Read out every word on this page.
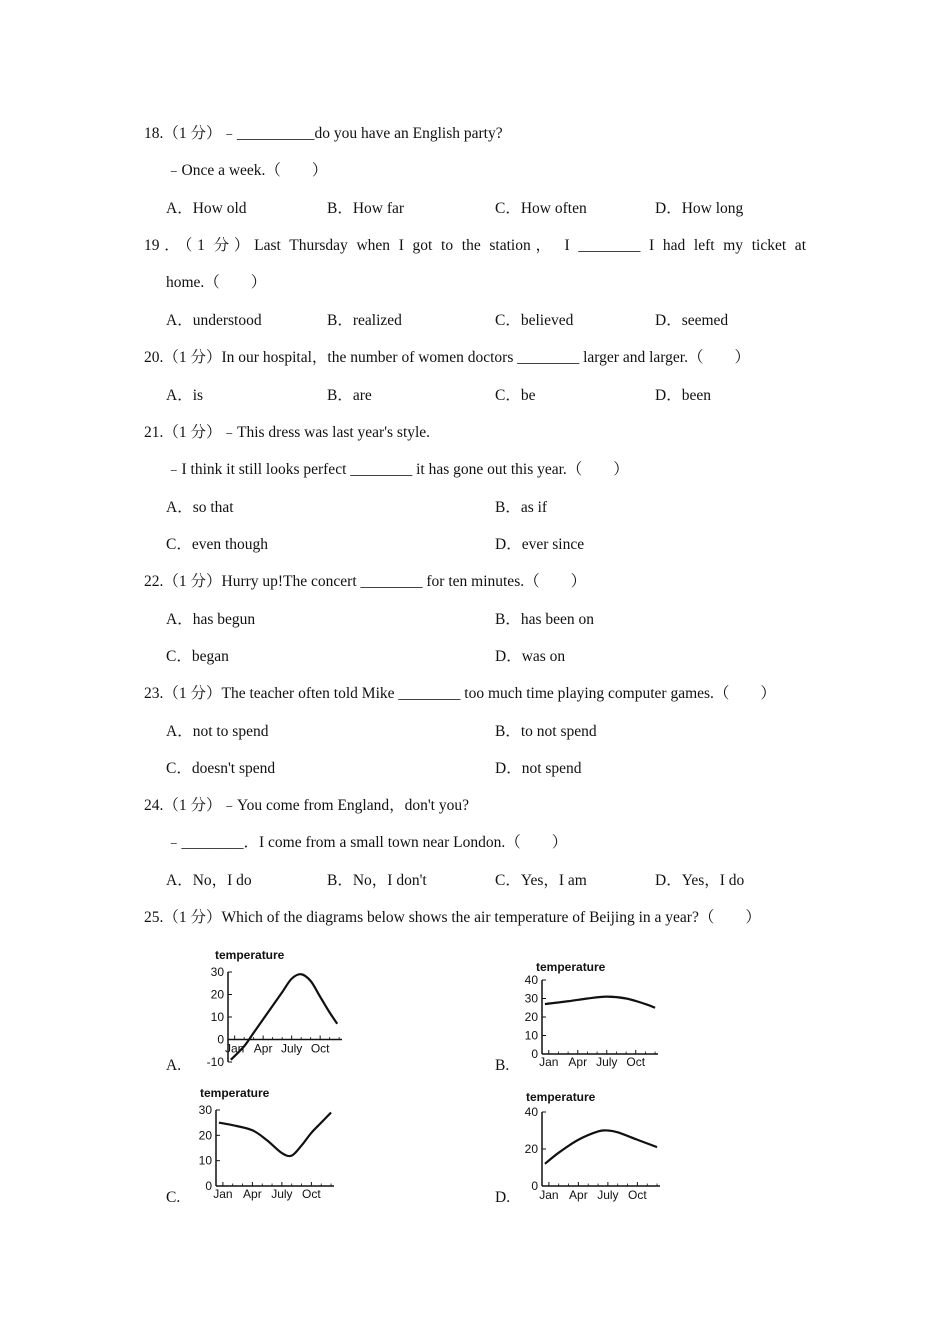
18.（1 分）﹣__________do you have an English party?
﹣Once a week.（　　）
A．How old	B．How far	C．How often	D．How long
19．（1 分）Last Thursday when I got to the station， I ________ I had left my ticket at
home.（　　）
A．understood	B．realized	C．believed	D．seemed
20.（1 分）In our hospital，the number of women doctors ________ larger and larger.（　　）
A．is	B．are	C．be	D．been
21.（1 分）﹣This dress was last year's style.
﹣I think it still looks perfect ________ it has gone out this year.（　　）
A．so that	B．as if
C．even though	D．ever since
22.（1 分）Hurry up!The concert ________ for ten minutes.（　　）
A．has begun	B．has been on
C．began	D．was on
23.（1 分）The teacher often told Mike ________ too much time playing computer games.（　　）
A．not to spend	B．to not spend
C．doesn't spend	D．not spend
24.（1 分）﹣You come from England，don't you?
﹣________．I come from a small town near London.（　　）
A．No，I do	B．No，I don't	C．Yes，I am	D．Yes，I do
25.（1 分）Which of the diagrams below shows the air temperature of Beijing in a year?（　　）
A.	B.
C.	D.
temperature
30
20
10
0
-10
Jan Apr July Oct
temperature
40
30
20
10
0
Jan Apr July Oct
temperature
30
20
10
0
Jan Apr July Oct
temperature
40
20
0
Jan Apr July Oct
